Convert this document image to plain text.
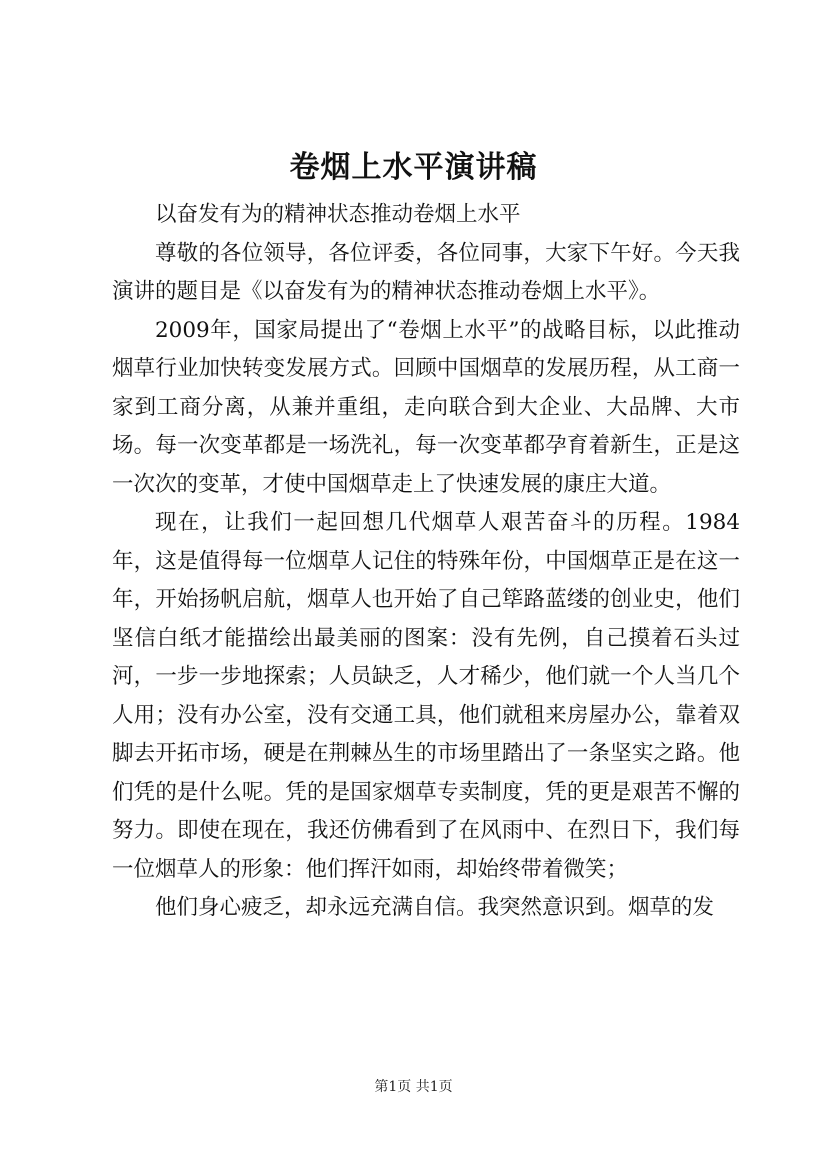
卷烟上水平演讲稿

以奋发有为的精神状态推动卷烟上水平

尊敬的各位领导，各位评委，各位同事，大家下午好。今天我演讲的题目是《以奋发有为的精神状态推动卷烟上水平》。

2009年，国家局提出了“卷烟上水平”的战略目标，以此推动烟草行业加快转变发展方式。回顾中国烟草的发展历程，从工商一家到工商分离，从兼并重组，走向联合到大企业、大品牌、大市场。每一次变革都是一场洗礼，每一次变革都孕育着新生，正是这一次次的变革，才使中国烟草走上了快速发展的康庄大道。

现在，让我们一起回想几代烟草人艰苦奋斗的历程。1984年，这是值得每一位烟草人记住的特殊年份，中国烟草正是在这一年，开始扬帆启航，烟草人也开始了自己筚路蓝缕的创业史，他们坚信白纸才能描绘出最美丽的图案：没有先例，自己摸着石头过河，一步一步地探索；人员缺乏，人才稀少，他们就一个人当几个人用；没有办公室，没有交通工具，他们就租来房屋办公，靠着双脚去开拓市场，硬是在荆棘丛生的市场里踏出了一条坚实之路。他们凭的是什么呢。凭的是国家烟草专卖制度，凭的更是艰苦不懈的努力。即使在现在，我还仿佛看到了在风雨中、在烈日下，我们每一位烟草人的形象：他们挥汗如雨，却始终带着微笑；

他们身心疲乏，却永远充满自信。我突然意识到。烟草的发

第1页 共1页
